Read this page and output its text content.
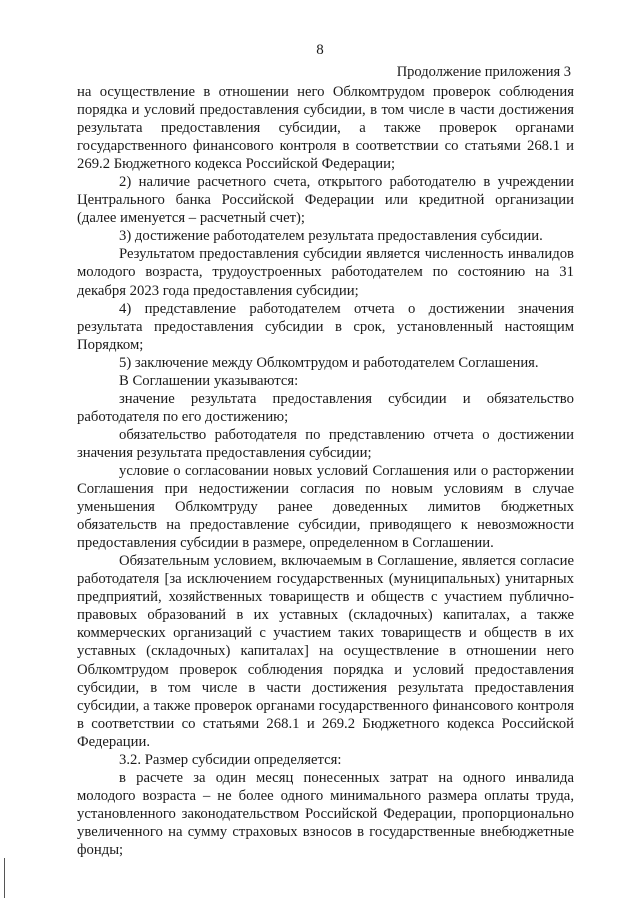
8
Продолжение приложения 3

на осуществление в отношении него Облкомтрудом проверок соблюдения порядка и условий предоставления субсидии, в том числе в части достижения результата предоставления субсидии, а также проверок органами государственного финансового контроля в соответствии со статьями 268.1 и 269.2 Бюджетного кодекса Российской Федерации;

2) наличие расчетного счета, открытого работодателю в учреждении Центрального банка Российской Федерации или кредитной организации (далее именуется – расчетный счет);

3) достижение работодателем результата предоставления субсидии.

Результатом предоставления субсидии является численность инвалидов молодого возраста, трудоустроенных работодателем по состоянию на 31 декабря 2023 года предоставления субсидии;

4) представление работодателем отчета о достижении значения результата предоставления субсидии в срок, установленный настоящим Порядком;

5) заключение между Облкомтрудом и работодателем Соглашения.

В Соглашении указываются:

значение результата предоставления субсидии и обязательство работодателя по его достижению;

обязательство работодателя по представлению отчета о достижении значения результата предоставления субсидии;

условие о согласовании новых условий Соглашения или о расторжении Соглашения при недостижении согласия по новым условиям в случае уменьшения Облкомтруду ранее доведенных лимитов бюджетных обязательств на предоставление субсидии, приводящего к невозможности предоставления субсидии в размере, определенном в Соглашении.

Обязательным условием, включаемым в Соглашение, является согласие работодателя [за исключением государственных (муниципальных) унитарных предприятий, хозяйственных товариществ и обществ с участием публично-правовых образований в их уставных (складочных) капиталах, а также коммерческих организаций с участием таких товариществ и обществ в их уставных (складочных) капиталах] на осуществление в отношении него Облкомтрудом проверок соблюдения порядка и условий предоставления субсидии, в том числе в части достижения результата предоставления субсидии, а также проверок органами государственного финансового контроля в соответствии со статьями 268.1 и 269.2 Бюджетного кодекса Российской Федерации.

3.2. Размер субсидии определяется:

в расчете за один месяц понесенных затрат на одного инвалида молодого возраста – не более одного минимального размера оплаты труда, установленного законодательством Российской Федерации, пропорционально увеличенного на сумму страховых взносов в государственные внебюджетные фонды;
